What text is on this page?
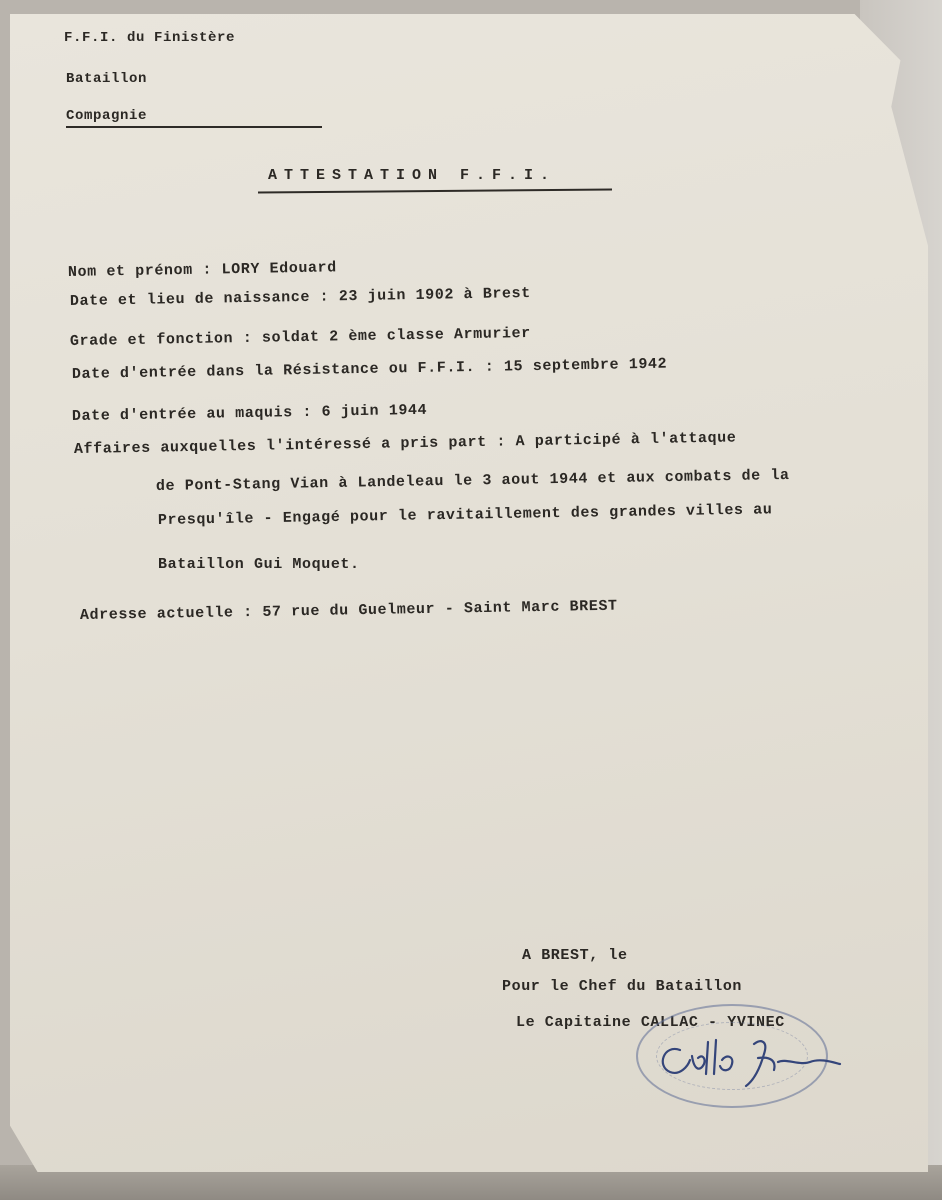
F.F.I. du Finistère
Bataillon
Compagnie
ATTESTATION F.F.I.
Nom et prénom : LORY Edouard
Date et lieu de naissance : 23 juin 1902 à Brest
Grade et fonction : soldat 2 ème classe Armurier
Date d'entrée dans la Résistance ou F.F.I. : 15 septembre 1942
Date d'entrée au maquis : 6 juin 1944
Affaires auxquelles l'intéressé a pris part : A participé à l'attaque
de Pont-Stang Vian à Landeleau le 3 aout 1944 et aux combats de la
Presqu'île - Engagé pour le ravitaillement des grandes villes au
Bataillon Gui Moquet.
Adresse actuelle : 57 rue du Guelmeur - Saint Marc BREST
A BREST, le
Pour le Chef du Bataillon
Le Capitaine CALLAC - YVINEC
